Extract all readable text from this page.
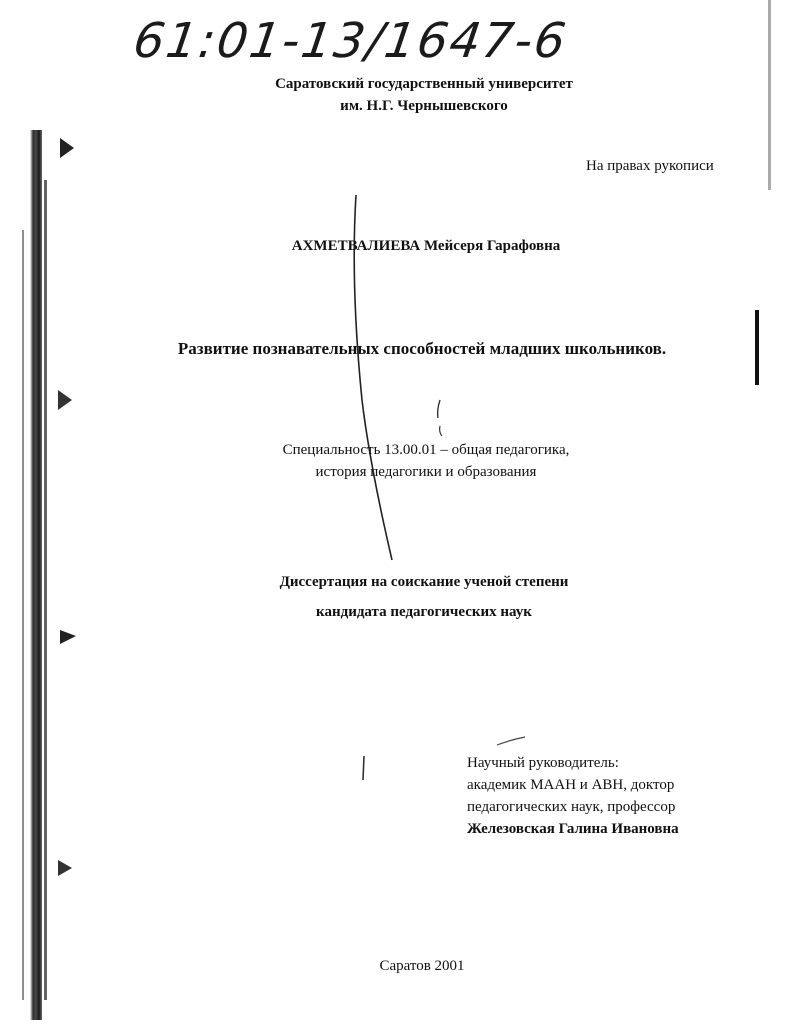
61:01-13/1647-6
Саратовский государственный университет
им. Н.Г. Чернышевского
На правах рукописи
АХМЕТВАЛИЕВА Мейсеря Гарафовна
Развитие познавательных способностей младших школьников.
Специальность 13.00.01 – общая педагогика,
история педагогики и образования
Диссертация на соискание ученой степени
кандидата педагогических наук
Научный руководитель:
академик МААН и АВН, доктор
педагогических наук, профессор
Железовская Галина Ивановна
Саратов 2001
